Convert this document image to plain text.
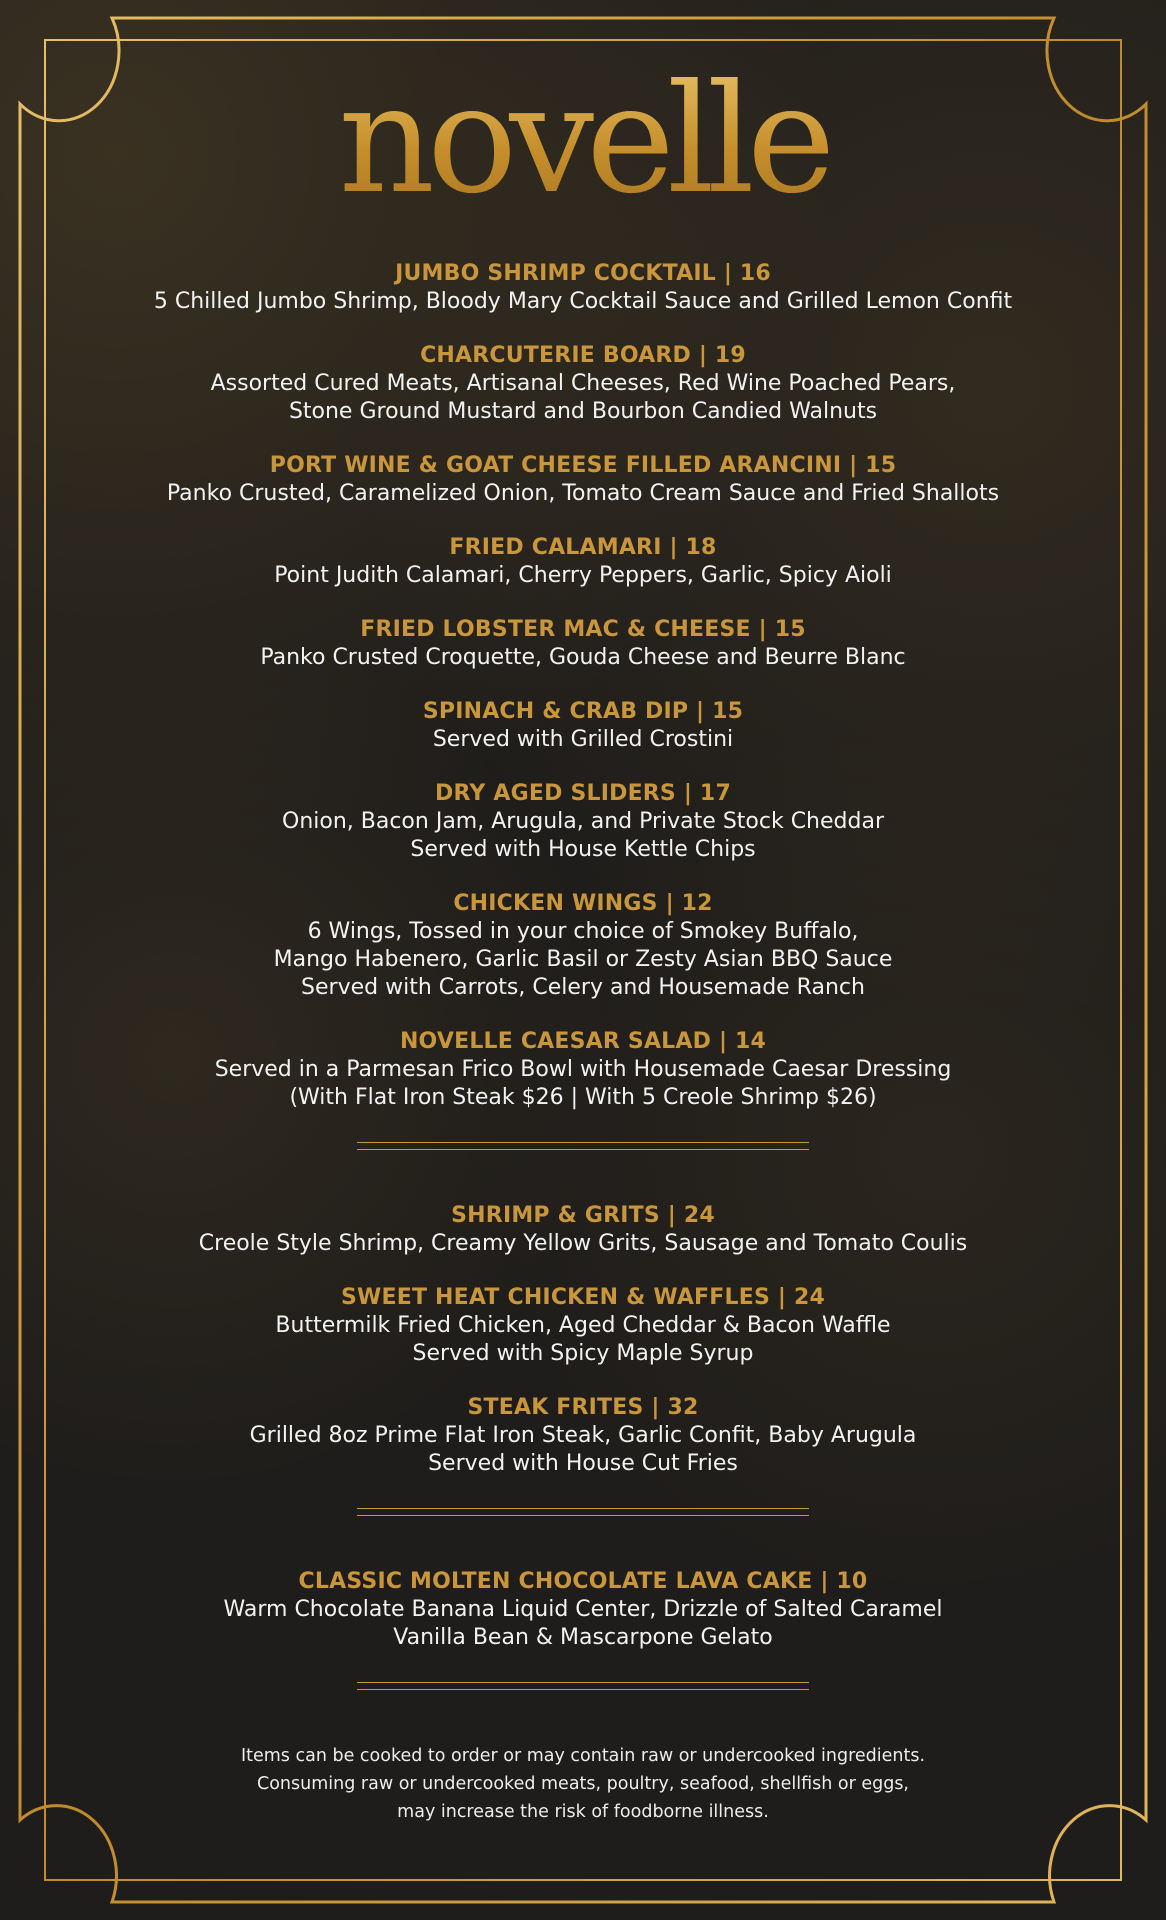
novelle
JUMBO SHRIMP COCKTAIL | 16
5 Chilled Jumbo Shrimp, Bloody Mary Cocktail Sauce and Grilled Lemon Confit
CHARCUTERIE BOARD | 19
Assorted Cured Meats, Artisanal Cheeses, Red Wine Poached Pears,
Stone Ground Mustard and Bourbon Candied Walnuts
PORT WINE & GOAT CHEESE FILLED ARANCINI | 15
Panko Crusted, Caramelized Onion, Tomato Cream Sauce and Fried Shallots
FRIED CALAMARI | 18
Point Judith Calamari, Cherry Peppers, Garlic, Spicy Aioli
FRIED LOBSTER MAC & CHEESE | 15
Panko Crusted Croquette, Gouda Cheese and Beurre Blanc
SPINACH & CRAB DIP | 15
Served with Grilled Crostini
DRY AGED SLIDERS | 17
Onion, Bacon Jam, Arugula, and Private Stock Cheddar
Served with House Kettle Chips
CHICKEN WINGS | 12
6 Wings, Tossed in your choice of Smokey Buffalo,
Mango Habenero, Garlic Basil or Zesty Asian BBQ Sauce
Served with Carrots, Celery and Housemade Ranch
NOVELLE CAESAR SALAD | 14
Served in a Parmesan Frico Bowl with Housemade Caesar Dressing
(With Flat Iron Steak $26 | With 5 Creole Shrimp $26)
SHRIMP & GRITS | 24
Creole Style Shrimp, Creamy Yellow Grits, Sausage and Tomato Coulis
SWEET HEAT CHICKEN & WAFFLES | 24
Buttermilk Fried Chicken, Aged Cheddar & Bacon Waffle
Served with Spicy Maple Syrup
STEAK FRITES | 32
Grilled 8oz Prime Flat Iron Steak, Garlic Confit, Baby Arugula
Served with House Cut Fries
CLASSIC MOLTEN CHOCOLATE LAVA CAKE | 10
Warm Chocolate Banana Liquid Center, Drizzle of Salted Caramel
Vanilla Bean & Mascarpone Gelato
Items can be cooked to order or may contain raw or undercooked ingredients.
Consuming raw or undercooked meats, poultry, seafood, shellfish or eggs,
may increase the risk of foodborne illness.
